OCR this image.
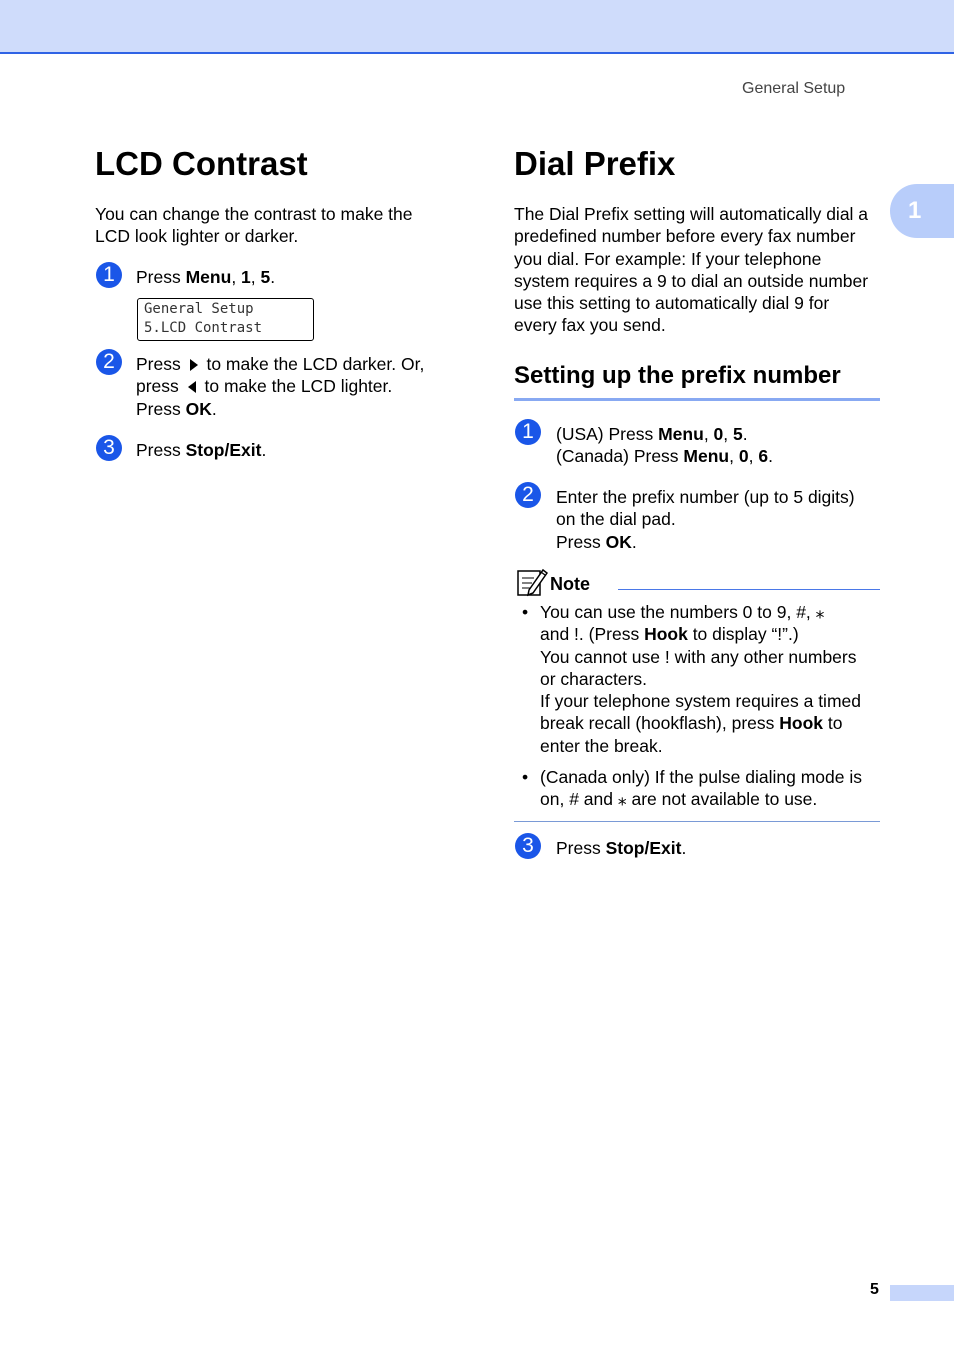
General Setup
1
LCD Contrast
You can change the contrast to make the
LCD look lighter or darker.
1	Press Menu, 1, 5.
General Setup
5.LCD Contrast
2	Press  to make the LCD darker. Or,
press  to make the LCD lighter.
Press OK.
3	Press Stop/Exit.
Dial Prefix
The Dial Prefix setting will automatically dial a
predefined number before every fax number
you dial. For example: If your telephone
system requires a 9 to dial an outside number
use this setting to automatically dial 9 for
every fax you send.
Setting up the prefix number
1	(USA) Press Menu, 0, 5.
(Canada) Press Menu, 0, 6.
2	Enter the prefix number (up to 5 digits)
on the dial pad.
Press OK.
Note
• You can use the numbers 0 to 9, #, ⁎
and !. (Press Hook to display “!”.)
You cannot use ! with any other numbers
or characters.
If your telephone system requires a timed
break recall (hookflash), press Hook to
enter the break.
• (Canada only) If the pulse dialing mode is
on, # and ⁎ are not available to use.
3	Press Stop/Exit.
5
